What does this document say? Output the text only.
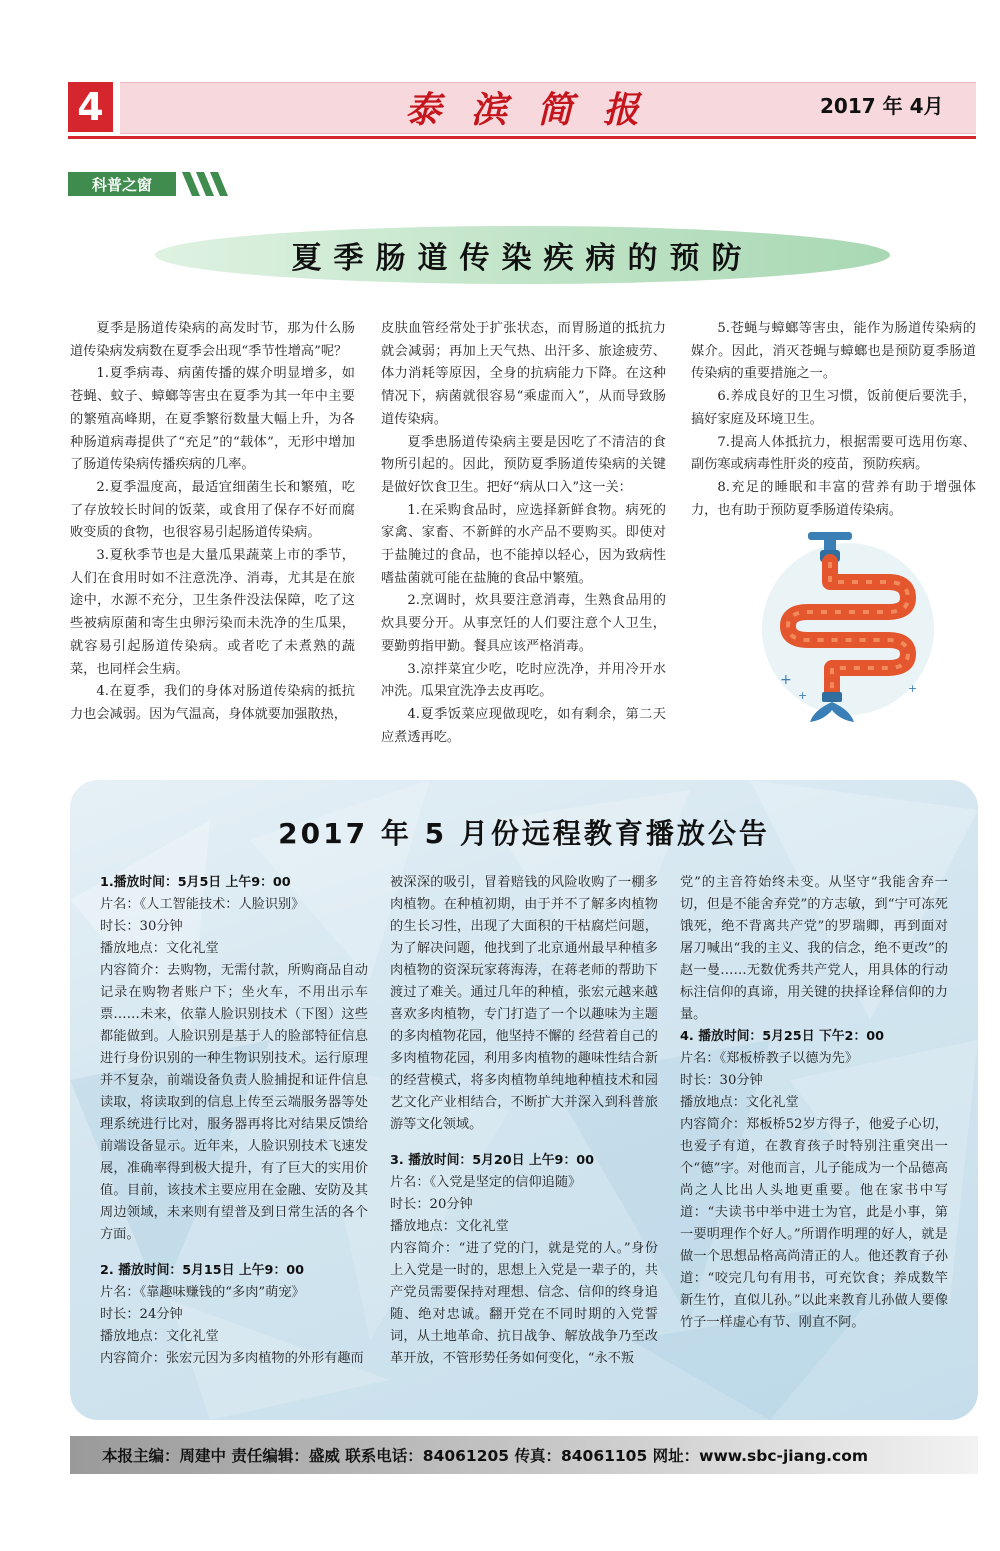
4	泰 滨 简 报	2017 年 4月
科普之窗
夏季肠道传染疾病的预防

夏季是肠道传染病的高发时节，那为什么肠道传染病发病数在夏季会出现“季节性增高”呢？

1.夏季病毒、病菌传播的媒介明显增多，如苍蝇、蚊子、蟑螂等害虫在夏季为其一年中主要的繁殖高峰期，在夏季繁衍数量大幅上升，为各种肠道病毒提供了“充足”的“载体”，无形中增加了肠道传染病传播疾病的几率。

2.夏季温度高，最适宜细菌生长和繁殖，吃了存放较长时间的饭菜，或食用了保存不好而腐败变质的食物，也很容易引起肠道传染病。

3.夏秋季节也是大量瓜果蔬菜上市的季节，人们在食用时如不注意洗净、消毒，尤其是在旅途中，水源不充分，卫生条件没法保障，吃了这些被病原菌和寄生虫卵污染而未洗净的生瓜果，就容易引起肠道传染病。或者吃了未煮熟的蔬菜，也同样会生病。

4.在夏季，我们的身体对肠道传染病的抵抗力也会减弱。因为气温高，身体就要加强散热，

皮肤血管经常处于扩张状态，而胃肠道的抵抗力就会减弱；再加上天气热、出汗多、旅途疲劳、体力消耗等原因，全身的抗病能力下降。在这种情况下，病菌就很容易“乘虚而入”，从而导致肠道传染病。

夏季患肠道传染病主要是因吃了不清洁的食物所引起的。因此，预防夏季肠道传染病的关键是做好饮食卫生。把好“病从口入”这一关：

1.在采购食品时，应选择新鲜食物。病死的家禽、家畜、不新鲜的水产品不要购买。即使对于盐腌过的食品，也不能掉以轻心，因为致病性嗜盐菌就可能在盐腌的食品中繁殖。

2.烹调时，炊具要注意消毒，生熟食品用的炊具要分开。从事烹饪的人们要注意个人卫生，要勤剪指甲勤。餐具应该严格消毒。

3.凉拌菜宜少吃，吃时应洗净，并用冷开水冲洗。瓜果宜洗净去皮再吃。

4.夏季饭菜应现做现吃，如有剩余，第二天应煮透再吃。

5.苍蝇与蟑螂等害虫，能作为肠道传染病的媒介。因此，消灭苍蝇与蟑螂也是预防夏季肠道传染病的重要措施之一。

6.养成良好的卫生习惯，饭前便后要洗手，搞好家庭及环境卫生。

7.提高人体抵抗力，根据需要可选用伤寒、副伤寒或病毒性肝炎的疫苗，预防疾病。

8.充足的睡眠和丰富的营养有助于增强体力，也有助于预防夏季肠道传染病。

+
+
+
2017 年 5 月份远程教育播放公告

1.播放时间：5月5日 上午9：00

片名：《人工智能技术：人脸识别》

时长：30分钟

播放地点：文化礼堂

内容简介：去购物，无需付款，所购商品自动记录在购物者账户下；坐火车，不用出示车票……未来，依靠人脸识别技术（下图）这些都能做到。人脸识别是基于人的脸部特征信息进行身份识别的一种生物识别技术。运行原理并不复杂，前端设备负责人脸捕捉和证件信息读取，将读取到的信息上传至云端服务器等处理系统进行比对，服务器再将比对结果反馈给前端设备显示。近年来，人脸识别技术飞速发展，准确率得到极大提升，有了巨大的实用价值。目前，该技术主要应用在金融、安防及其周边领域，未来则有望普及到日常生活的各个方面。

2. 播放时间：5月15日 上午9：00

片名：《靠趣味赚钱的“多肉”萌宠》

时长：24分钟

播放地点：文化礼堂

内容简介：张宏元因为多肉植物的外形有趣而

被深深的吸引，冒着赔钱的风险收购了一棚多肉植物。在种植初期，由于并不了解多肉植物的生长习性，出现了大面积的干枯腐烂问题，为了解决问题，他找到了北京通州最早种植多肉植物的资深玩家蒋海涛，在蒋老师的帮助下渡过了难关。通过几年的种植，张宏元越来越喜欢多肉植物，专门打造了一个以趣味为主题的多肉植物花园，他坚持不懈的 经营着自己的多肉植物花园，利用多肉植物的趣味性结合新的经营模式，将多肉植物单纯地种植技术和园艺文化产业相结合，不断扩大并深入到科普旅游等文化领域。

3. 播放时间：5月20日 上午9：00

片名：《入党是坚定的信仰追随》

时长：20分钟

播放地点：文化礼堂

内容简介：“进了党的门，就是党的人。”身份上入党是一时的，思想上入党是一辈子的，共产党员需要保持对理想、信念、信仰的终身追随、绝对忠诚。翻开党在不同时期的入党誓词，从土地革命、抗日战争、解放战争乃至改革开放，不管形势任务如何变化，“永不叛

党”的主音符始终未变。从坚守“我能舍弃一切，但是不能舍弃党”的方志敏，到“宁可冻死饿死，绝不背离共产党”的罗瑞卿，再到面对屠刀喊出“我的主义、我的信念，绝不更改”的赵一曼……无数优秀共产党人，用具体的行动标注信仰的真谛，用关键的抉择诠释信仰的力量。

4. 播放时间：5月25日 下午2：00

片名：《郑板桥教子以德为先》

时长：30分钟

播放地点：文化礼堂

内容简介：郑板桥52岁方得子，他爱子心切，也爱子有道，在教育孩子时特别注重突出一个“德”字。对他而言，儿子能成为一个品德高尚之人比出人头地更重要。他在家书中写道：“夫读书中举中进士为官，此是小事，第一要明理作个好人。”所谓作明理的好人，就是做一个思想品格高尚清正的人。他还教育子孙道：“咬完几句有用书，可充饮食；养成数竿新生竹，直似儿孙。”以此来教育儿孙做人要像竹子一样虚心有节、刚直不阿。

本报主编：周建中 责任编辑：盛威 联系电话：84061205 传真：84061105 网址：www.sbc-jiang.com
